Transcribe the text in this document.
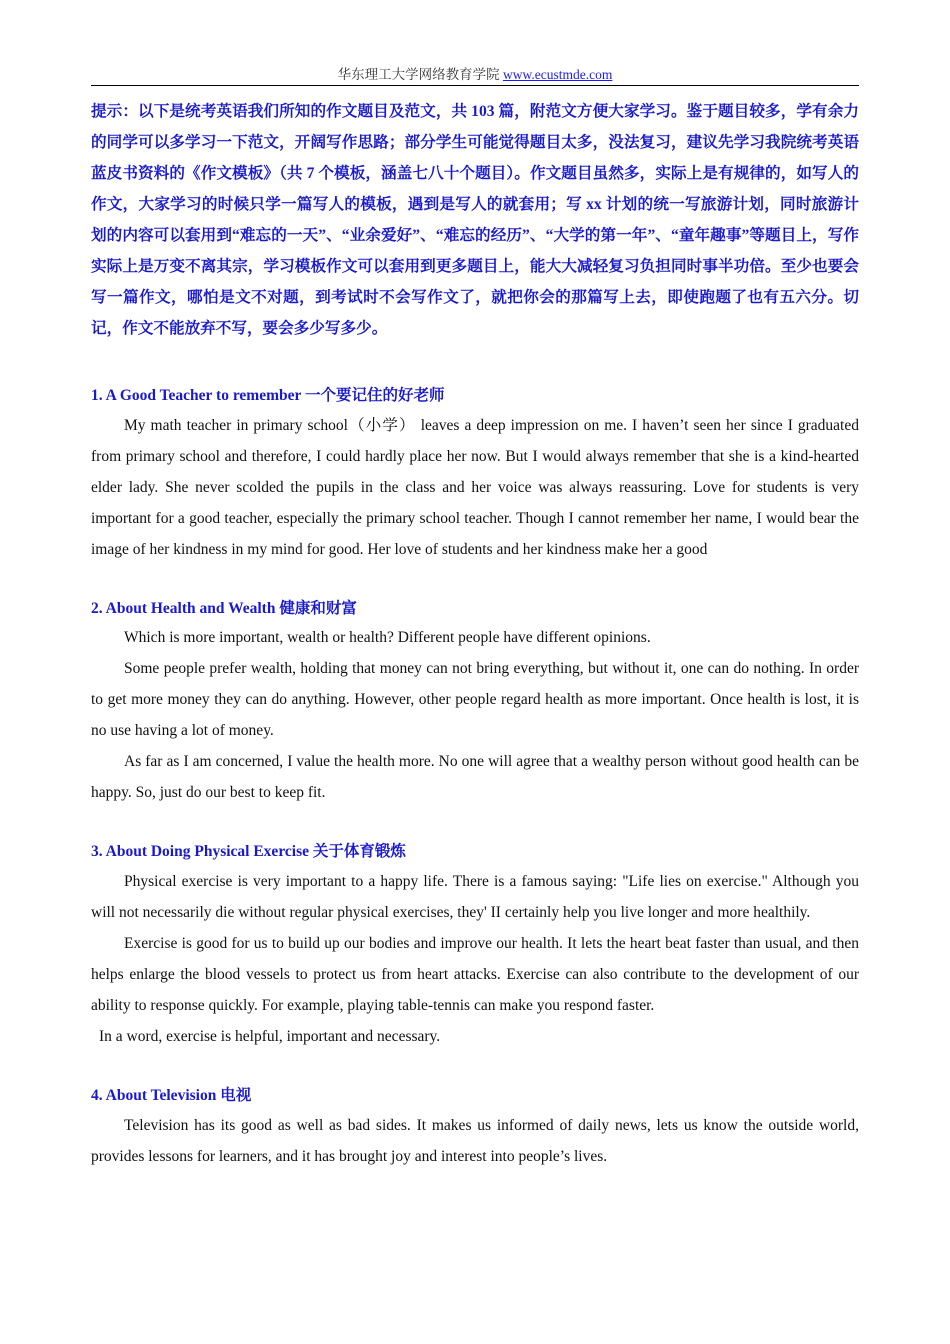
华东理工大学网络教育学院 www.ecustmde.com

提示：以下是统考英语我们所知的作文题目及范文，共 103 篇，附范文方便大家学习。鉴于题目较多，学有余力的同学可以多学习一下范文，开阔写作思路；部分学生可能觉得题目太多，没法复习，建议先学习我院统考英语蓝皮书资料的《作文模板》（共 7 个模板，涵盖七八十个题目）。作文题目虽然多，实际上是有规律的，如写人的作文，大家学习的时候只学一篇写人的模板，遇到是写人的就套用；写 xx 计划的统一写旅游计划，同时旅游计划的内容可以套用到“难忘的一天”、“业余爱好”、“难忘的经历”、“大学的第一年”、“童年趣事”等题目上，写作实际上是万变不离其宗，学习模板作文可以套用到更多题目上，能大大减轻复习负担同时事半功倍。至少也要会写一篇作文，哪怕是文不对题，到考试时不会写作文了，就把你会的那篇写上去，即使跑题了也有五六分。切记，作文不能放弃不写，要会多少写多少。

1. A Good Teacher to remember 一个要记住的好老师

My math teacher in primary school（小学） leaves a deep impression on me. I haven’t seen her since I graduated from primary school and therefore, I could hardly place her now. But I would always remember that she is a kind-hearted elder lady. She never scolded the pupils in the class and her voice was always reassuring. Love for students is very important for a good teacher, especially the primary school teacher. Though I cannot remember her name, I would bear the image of her kindness in my mind for good. Her love of students and her kindness make her a good

2. About Health and Wealth 健康和财富

Which is more important, wealth or health? Different people have different opinions.

Some people prefer wealth, holding that money can not bring everything, but without it, one can do nothing. In order to get more money they can do anything. However, other people regard health as more important. Once health is lost, it is no use having a lot of money.

As far as I am concerned, I value the health more. No one will agree that a wealthy person without good health can be happy. So, just do our best to keep fit.

3. About Doing Physical Exercise 关于体育锻炼

Physical exercise is very important to a happy life. There is a famous saying: "Life lies on exercise." Although you will not necessarily die without regular physical exercises, they' II certainly help you live longer and more healthily.

Exercise is good for us to build up our bodies and improve our health. It lets the heart beat faster than usual, and then helps enlarge the blood vessels to protect us from heart attacks. Exercise can also contribute to the development of our ability to response quickly. For example, playing table-tennis can make you respond faster.

In a word, exercise is helpful, important and necessary.

4. About Television 电视

Television has its good as well as bad sides. It makes us informed of daily news, lets us know the outside world, provides lessons for learners, and it has brought joy and interest into people’s lives.
